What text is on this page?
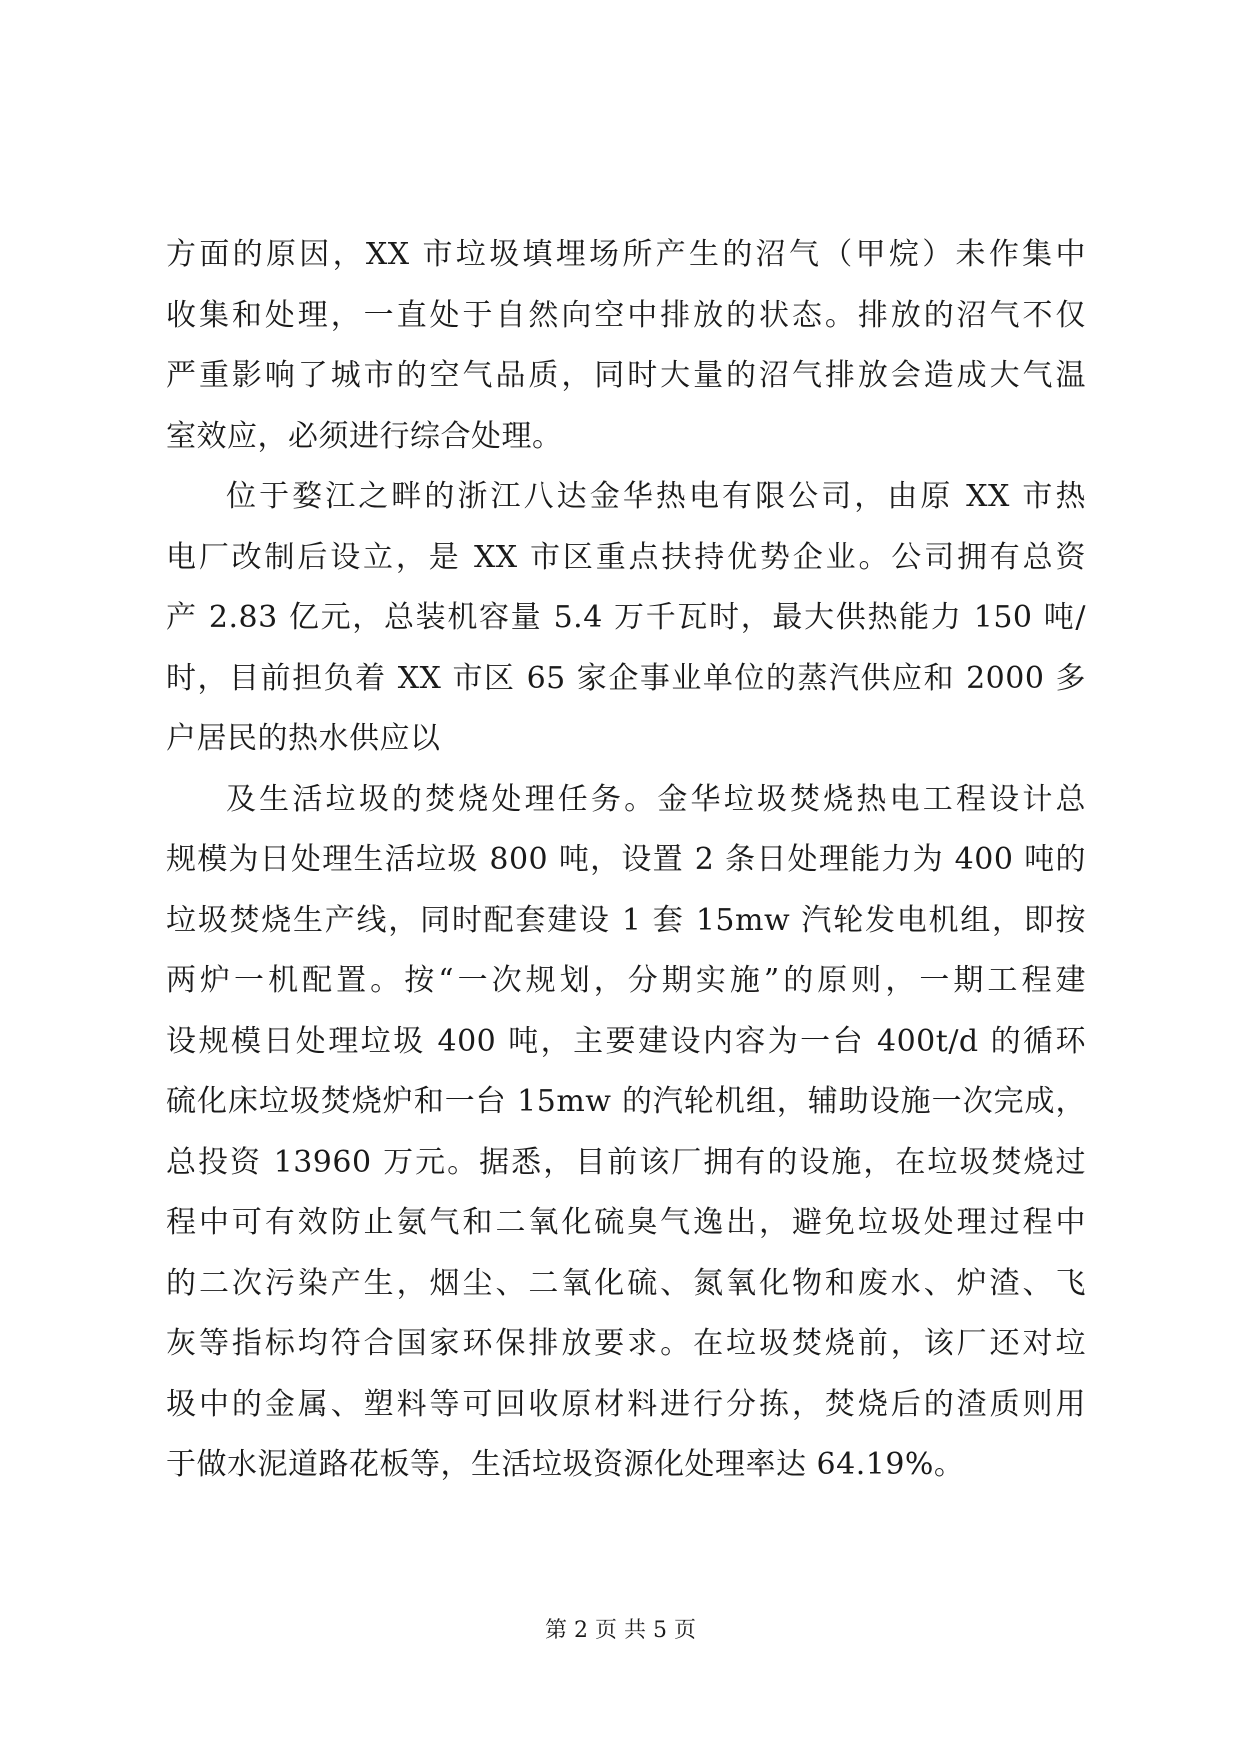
方面的原因，XX 市垃圾填埋场所产生的沼气（甲烷）未作集中
收集和处理，一直处于自然向空中排放的状态。排放的沼气不仅
严重影响了城市的空气品质，同时大量的沼气排放会造成大气温
室效应，必须进行综合处理。
位于婺江之畔的浙江八达金华热电有限公司，由原 XX 市热
电厂改制后设立，是 XX 市区重点扶持优势企业。公司拥有总资
产 2.83 亿元，总装机容量 5.4 万千瓦时，最大供热能力 150 吨/
时，目前担负着 XX 市区 65 家企事业单位的蒸汽供应和 2000 多
户居民的热水供应以
及生活垃圾的焚烧处理任务。金华垃圾焚烧热电工程设计总
规模为日处理生活垃圾 800 吨，设置 2 条日处理能力为 400 吨的
垃圾焚烧生产线，同时配套建设 1 套 15mw 汽轮发电机组，即按
两炉一机配置。按“一次规划，分期实施”的原则，一期工程建
设规模日处理垃圾 400 吨，主要建设内容为一台 400t/d 的循环
硫化床垃圾焚烧炉和一台 15mw 的汽轮机组，辅助设施一次完成，
总投资 13960 万元。据悉，目前该厂拥有的设施，在垃圾焚烧过
程中可有效防止氨气和二氧化硫臭气逸出，避免垃圾处理过程中
的二次污染产生，烟尘、二氧化硫、氮氧化物和废水、炉渣、飞
灰等指标均符合国家环保排放要求。在垃圾焚烧前，该厂还对垃
圾中的金属、塑料等可回收原材料进行分拣，焚烧后的渣质则用
于做水泥道路花板等，生活垃圾资源化处理率达 64.19%。
第 2 页 共 5 页
